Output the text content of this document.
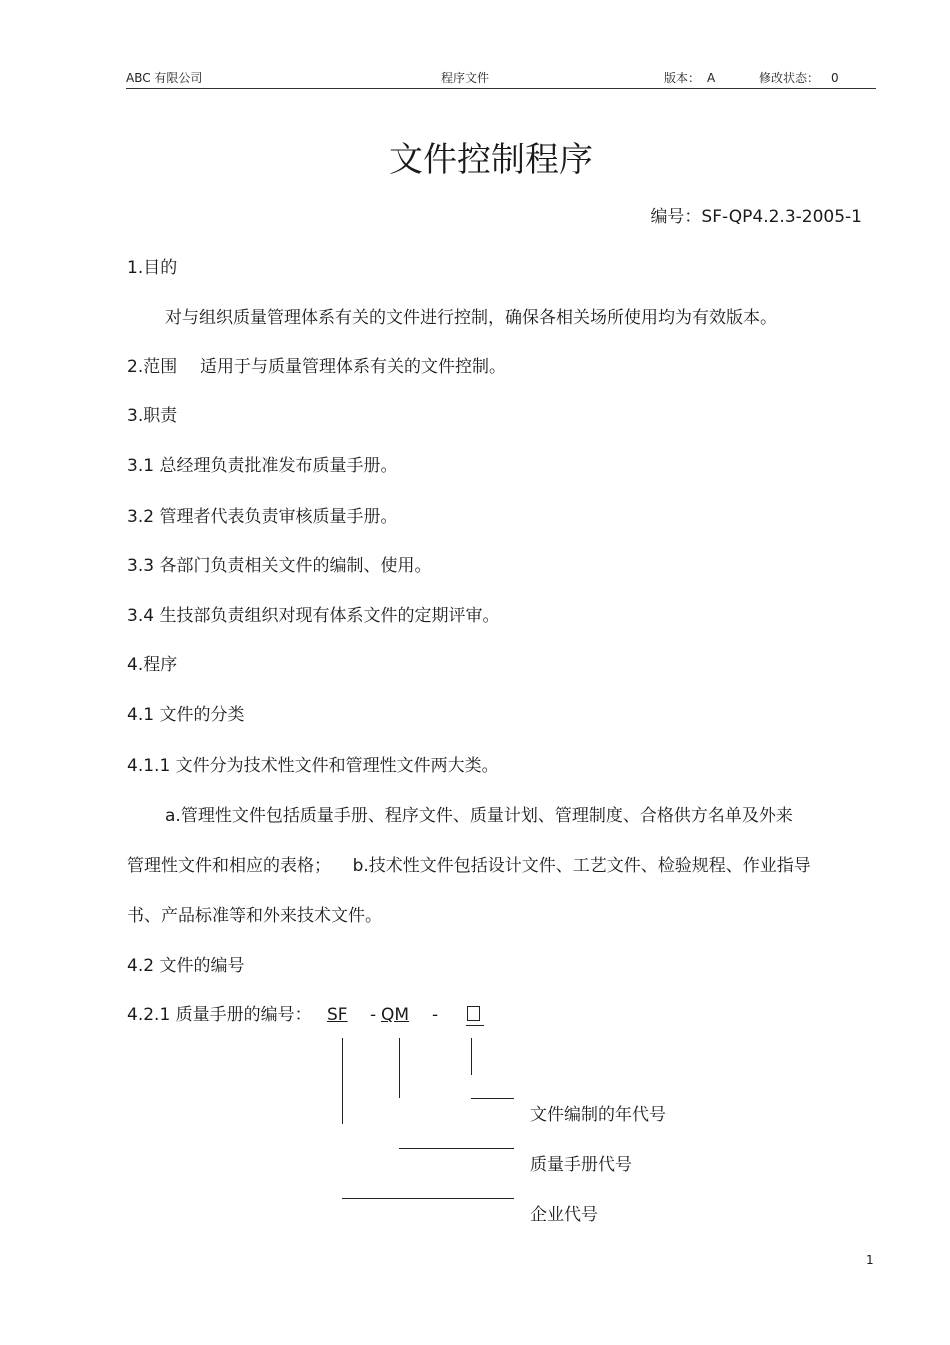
ABC 有限公司	程序文件	版本： A	修改状态： 0
文件控制程序
编号：SF-QP4.2.3-2005-1
1.目的
对与组织质量管理体系有关的文件进行控制，确保各相关场所使用均为有效版本。
2.范围 适用于与质量管理体系有关的文件控制。
3.职责
3.1 总经理负责批准发布质量手册。
3.2 管理者代表负责审核质量手册。
3.3 各部门负责相关文件的编制、使用。
3.4 生技部负责组织对现有体系文件的定期评审。
4.程序
4.1 文件的分类
4.1.1 文件分为技术性文件和管理性文件两大类。
a.管理性文件包括质量手册、程序文件、质量计划、管理制度、合格供方名单及外来
管理性文件和相应的表格；    b.技术性文件包括设计文件、工艺文件、检验规程、作业指导
书、产品标准等和外来技术文件。
4.2 文件的编号
4.2.1 质量手册的编号： SF - QM -
文件编制的年代号
质量手册代号
企业代号
1
